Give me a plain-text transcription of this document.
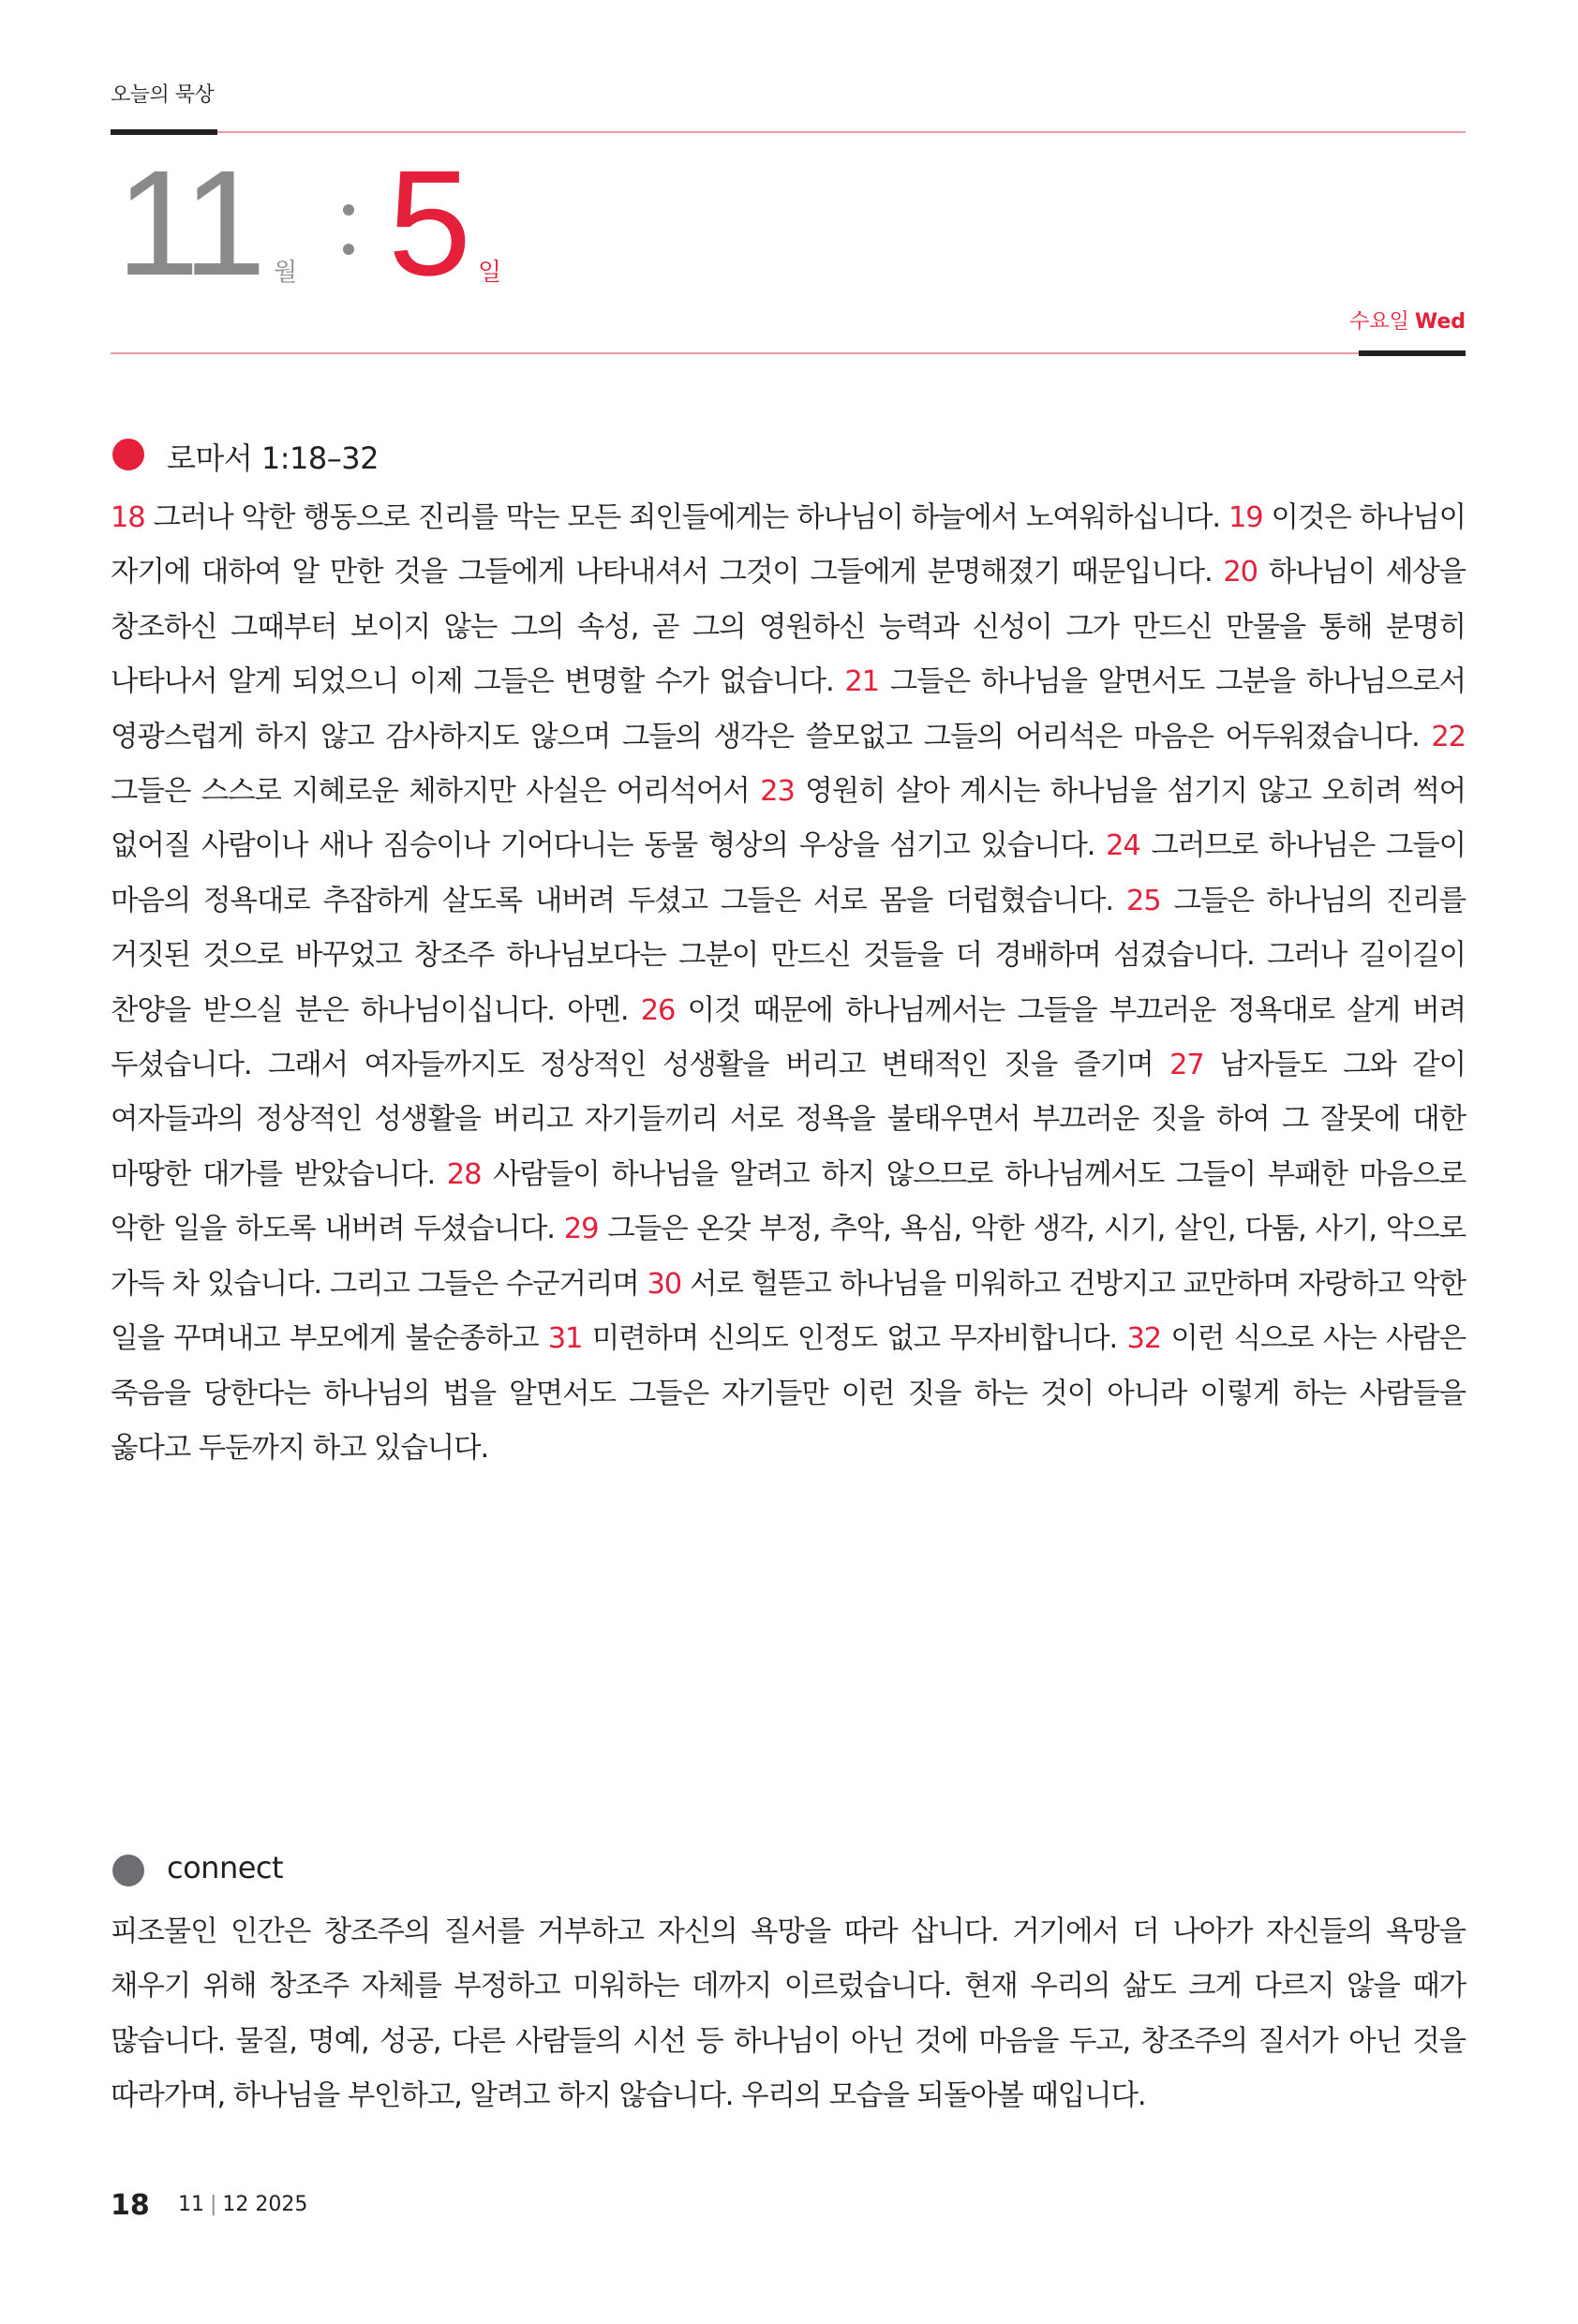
오늘의 묵상
11 월 5 일
수요일 Wed
로마서 1:18–32
18 그러나 악한 행동으로 진리를 막는 모든 죄인들에게는 하나님이 하늘에서 노여워하십니다. 19 이것은 하나님이 자기에 대하여 알 만한 것을 그들에게 나타내셔서 그것이 그들에게 분명해졌기 때문입니다. 20 하나님이 세상을 창조하신 그때부터 보이지 않는 그의 속성, 곧 그의 영원하신 능력과 신성이 그가 만드신 만물을 통해 분명히 나타나서 알게 되었으니 이제 그들은 변명할 수가 없습니다. 21 그들은 하나님을 알면서도 그분을 하나님으로서 영광스럽게 하지 않고 감사하지도 않으며 그들의 생각은 쓸모없고 그들의 어리석은 마음은 어두워졌습니다. 22 그들은 스스로 지혜로운 체하지만 사실은 어리석어서 23 영원히 살아 계시는 하나님을 섬기지 않고 오히려 썩어 없어질 사람이나 새나 짐승이나 기어다니는 동물 형상의 우상을 섬기고 있습니다. 24 그러므로 하나님은 그들이 마음의 정욕대로 추잡하게 살도록 내버려 두셨고 그들은 서로 몸을 더럽혔습니다. 25 그들은 하나님의 진리를 거짓된 것으로 바꾸었고 창조주 하나님보다는 그분이 만드신 것들을 더 경배하며 섬겼습니다. 그러나 길이길이 찬양을 받으실 분은 하나님이십니다. 아멘. 26 이것 때문에 하나님께서는 그들을 부끄러운 정욕대로 살게 버려 두셨습니다. 그래서 여자들까지도 정상적인 성생활을 버리고 변태적인 짓을 즐기며 27 남자들도 그와 같이 여자들과의 정상적인 성생활을 버리고 자기들끼리 서로 정욕을 불태우면서 부끄러운 짓을 하여 그 잘못에 대한 마땅한 대가를 받았습니다. 28 사람들이 하나님을 알려고 하지 않으므로 하나님께서도 그들이 부패한 마음으로 악한 일을 하도록 내버려 두셨습니다. 29 그들은 온갖 부정, 추악, 욕심, 악한 생각, 시기, 살인, 다툼, 사기, 악으로 가득 차 있습니다. 그리고 그들은 수군거리며 30 서로 헐뜯고 하나님을 미워하고 건방지고 교만하며 자랑하고 악한 일을 꾸며내고 부모에게 불순종하고 31 미련하며 신의도 인정도 없고 무자비합니다. 32 이런 식으로 사는 사람은 죽음을 당한다는 하나님의 법을 알면서도 그들은 자기들만 이런 짓을 하는 것이 아니라 이렇게 하는 사람들을 옳다고 두둔까지 하고 있습니다.
connect
피조물인 인간은 창조주의 질서를 거부하고 자신의 욕망을 따라 삽니다. 거기에서 더 나아가 자신들의 욕망을 채우기 위해 창조주 자체를 부정하고 미워하는 데까지 이르렀습니다. 현재 우리의 삶도 크게 다르지 않을 때가 많습니다. 물질, 명예, 성공, 다른 사람들의 시선 등 하나님이 아닌 것에 마음을 두고, 창조주의 질서가 아닌 것을 따라가며, 하나님을 부인하고, 알려고 하지 않습니다. 우리의 모습을 되돌아볼 때입니다.
18 11 | 12 2025
